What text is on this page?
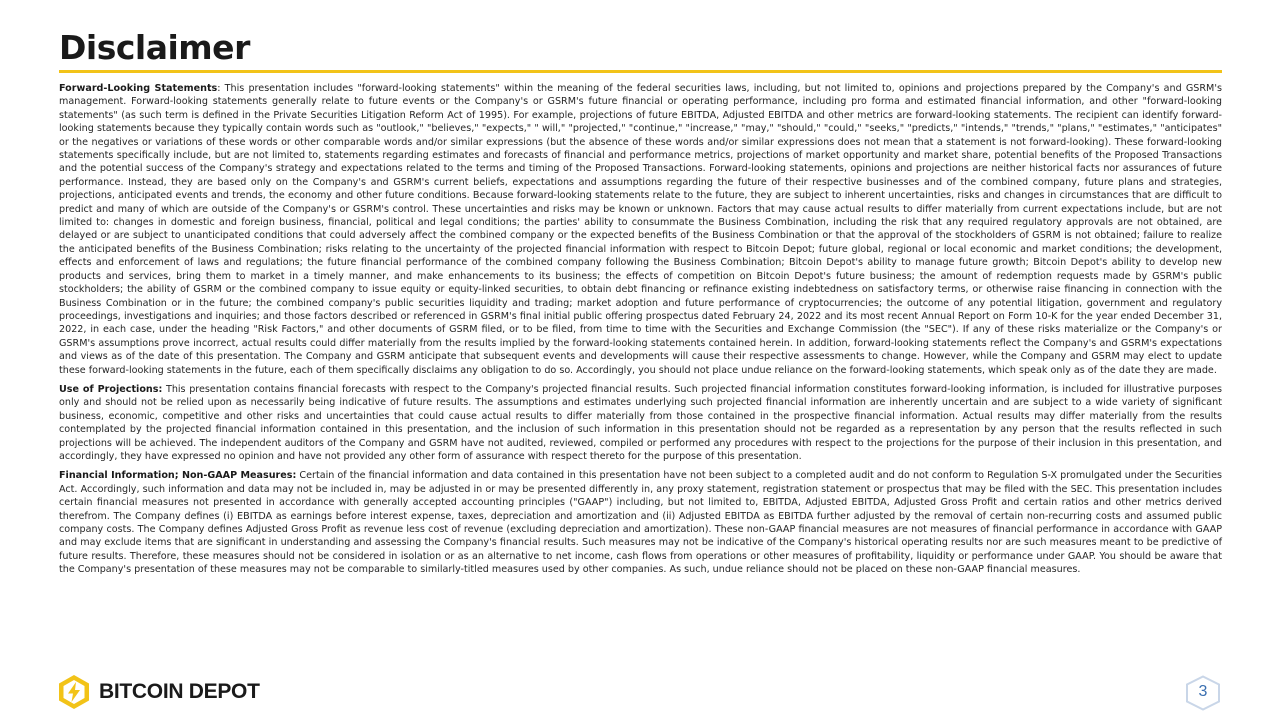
Disclaimer

Forward-Looking Statements: This presentation includes "forward-looking statements" within the meaning of the federal securities laws, including, but not limited to, opinions and projections prepared by the Company's and GSRM's management. Forward-looking statements generally relate to future events or the Company's or GSRM's future financial or operating performance, including pro forma and estimated financial information, and other "forward-looking statements" (as such term is defined in the Private Securities Litigation Reform Act of 1995). For example, projections of future EBITDA, Adjusted EBITDA and other metrics are forward-looking statements. The recipient can identify forward-looking statements because they typically contain words such as "outlook," "believes," "expects," " will," "projected," "continue," "increase," "may," "should," "could," "seeks," "predicts," "intends," "trends," "plans," "estimates," "anticipates" or the negatives or variations of these words or other comparable words and/or similar expressions (but the absence of these words and/or similar expressions does not mean that a statement is not forward-looking). These forward-looking statements specifically include, but are not limited to, statements regarding estimates and forecasts of financial and performance metrics, projections of market opportunity and market share, potential benefits of the Proposed Transactions and the potential success of the Company's strategy and expectations related to the terms and timing of the Proposed Transactions. Forward-looking statements, opinions and projections are neither historical facts nor assurances of future performance. Instead, they are based only on the Company's and GSRM's current beliefs, expectations and assumptions regarding the future of their respective businesses and of the combined company, future plans and strategies, projections, anticipated events and trends, the economy and other future conditions. Because forward-looking statements relate to the future, they are subject to inherent uncertainties, risks and changes in circumstances that are difficult to predict and many of which are outside of the Company's or GSRM's control. These uncertainties and risks may be known or unknown. Factors that may cause actual results to differ materially from current expectations include, but are not limited to: changes in domestic and foreign business, financial, political and legal conditions; the parties' ability to consummate the Business Combination, including the risk that any required regulatory approvals are not obtained, are delayed or are subject to unanticipated conditions that could adversely affect the combined company or the expected benefits of the Business Combination or that the approval of the stockholders of GSRM is not obtained; failure to realize the anticipated benefits of the Business Combination; risks relating to the uncertainty of the projected financial information with respect to Bitcoin Depot; future global, regional or local economic and market conditions; the development, effects and enforcement of laws and regulations; the future financial performance of the combined company following the Business Combination; Bitcoin Depot's ability to manage future growth; Bitcoin Depot's ability to develop new products and services, bring them to market in a timely manner, and make enhancements to its business; the effects of competition on Bitcoin Depot's future business; the amount of redemption requests made by GSRM's public stockholders; the ability of GSRM or the combined company to issue equity or equity-linked securities, to obtain debt financing or refinance existing indebtedness on satisfactory terms, or otherwise raise financing in connection with the Business Combination or in the future; the combined company's public securities liquidity and trading; market adoption and future performance of cryptocurrencies; the outcome of any potential litigation, government and regulatory proceedings, investigations and inquiries; and those factors described or referenced in GSRM's final initial public offering prospectus dated February 24, 2022 and its most recent Annual Report on Form 10-K for the year ended December 31, 2022, in each case, under the heading "Risk Factors," and other documents of GSRM filed, or to be filed, from time to time with the Securities and Exchange Commission (the "SEC"). If any of these risks materialize or the Company's or GSRM's assumptions prove incorrect, actual results could differ materially from the results implied by the forward-looking statements contained herein. In addition, forward-looking statements reflect the Company's and GSRM's expectations and views as of the date of this presentation. The Company and GSRM anticipate that subsequent events and developments will cause their respective assessments to change. However, while the Company and GSRM may elect to update these forward-looking statements in the future, each of them specifically disclaims any obligation to do so. Accordingly, you should not place undue reliance on the forward-looking statements, which speak only as of the date they are made.

Use of Projections: This presentation contains financial forecasts with respect to the Company's projected financial results. Such projected financial information constitutes forward-looking information, is included for illustrative purposes only and should not be relied upon as necessarily being indicative of future results. The assumptions and estimates underlying such projected financial information are inherently uncertain and are subject to a wide variety of significant business, economic, competitive and other risks and uncertainties that could cause actual results to differ materially from those contained in the prospective financial information. Actual results may differ materially from the results contemplated by the projected financial information contained in this presentation, and the inclusion of such information in this presentation should not be regarded as a representation by any person that the results reflected in such projections will be achieved. The independent auditors of the Company and GSRM have not audited, reviewed, compiled or performed any procedures with respect to the projections for the purpose of their inclusion in this presentation, and accordingly, they have expressed no opinion and have not provided any other form of assurance with respect thereto for the purpose of this presentation.

Financial Information; Non-GAAP Measures: Certain of the financial information and data contained in this presentation have not been subject to a completed audit and do not conform to Regulation S-X promulgated under the Securities Act. Accordingly, such information and data may not be included in, may be adjusted in or may be presented differently in, any proxy statement, registration statement or prospectus that may be filed with the SEC. This presentation includes certain financial measures not presented in accordance with generally accepted accounting principles ("GAAP") including, but not limited to, EBITDA, Adjusted EBITDA, Adjusted Gross Profit and certain ratios and other metrics derived therefrom. The Company defines (i) EBITDA as earnings before interest expense, taxes, depreciation and amortization and (ii) Adjusted EBITDA as EBITDA further adjusted by the removal of certain non-recurring costs and assumed public company costs. The Company defines Adjusted Gross Profit as revenue less cost of revenue (excluding depreciation and amortization). These non-GAAP financial measures are not measures of financial performance in accordance with GAAP and may exclude items that are significant in understanding and assessing the Company's financial results. Such measures may not be indicative of the Company's historical operating results nor are such measures meant to be predictive of future results. Therefore, these measures should not be considered in isolation or as an alternative to net income, cash flows from operations or other measures of profitability, liquidity or performance under GAAP. You should be aware that the Company's presentation of these measures may not be comparable to similarly-titled measures used by other companies. As such, undue reliance should not be placed on these non-GAAP financial measures.

BITCOIN DEPOT	3
